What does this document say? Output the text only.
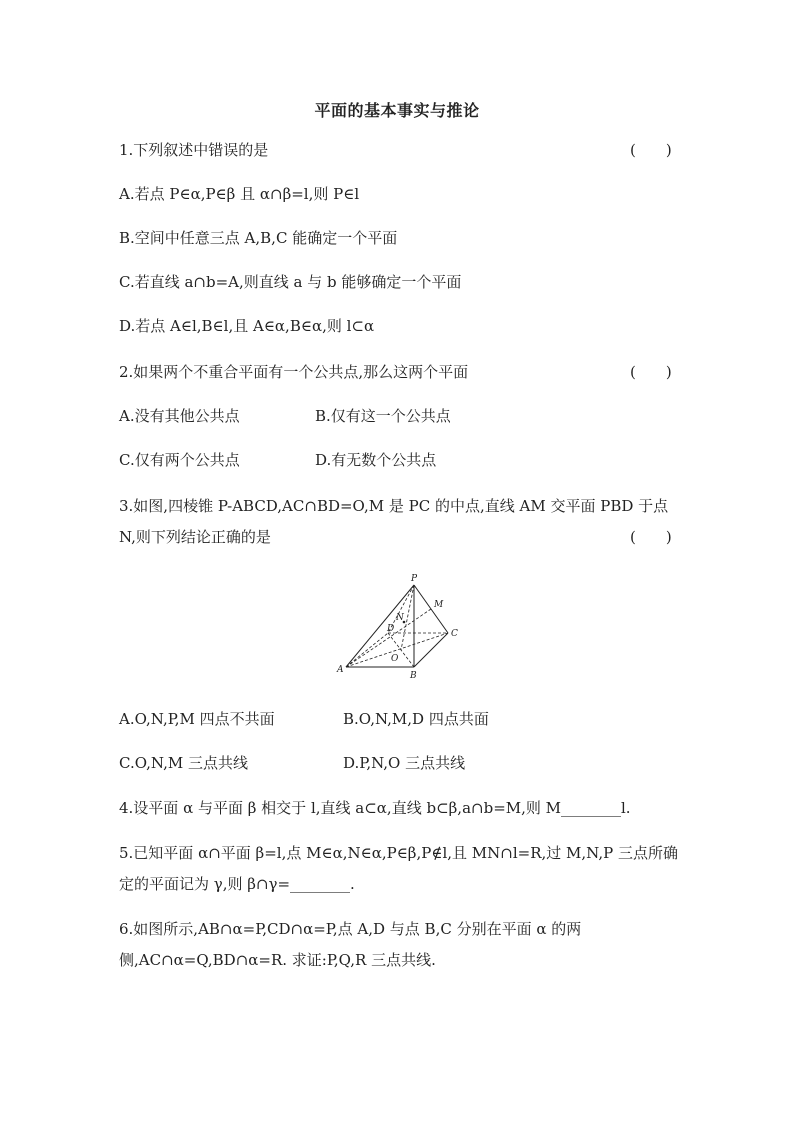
平面的基本事实与推论
1.下列叙述中错误的是	(　　)
A.若点 P∈α,P∈β 且 α∩β=l,则 P∈l
B.空间中任意三点 A,B,C 能确定一个平面
C.若直线 a∩b=A,则直线 a 与 b 能够确定一个平面
D.若点 A∈l,B∈l,且 A∈α,B∈α,则 l⊂α
2.如果两个不重合平面有一个公共点,那么这两个平面	(　　)
A.没有其他公共点	B.仅有这一个公共点
C.仅有两个公共点	D.有无数个公共点
3.如图,四棱锥 P-ABCD,AC∩BD=O,M 是 PC 的中点,直线 AM 交平面 PBD 于点
N,则下列结论正确的是	(　　)
P
M
N
D	C
O
A
B
A.O,N,P,M 四点不共面	B.O,N,M,D 四点共面
C.O,N,M 三点共线	D.P,N,O 三点共线
4.设平面 α 与平面 β 相交于 l,直线 a⊂α,直线 b⊂β,a∩b=M,则 M________l.
5.已知平面 α∩平面 β=l,点 M∈α,N∈α,P∈β,P∉l,且 MN∩l=R,过 M,N,P 三点所确
定的平面记为 γ,则 β∩γ=________.
6.如图所示,AB∩α=P,CD∩α=P,点 A,D 与点 B,C 分别在平面 α 的两
侧,AC∩α=Q,BD∩α=R. 求证:P,Q,R 三点共线.
